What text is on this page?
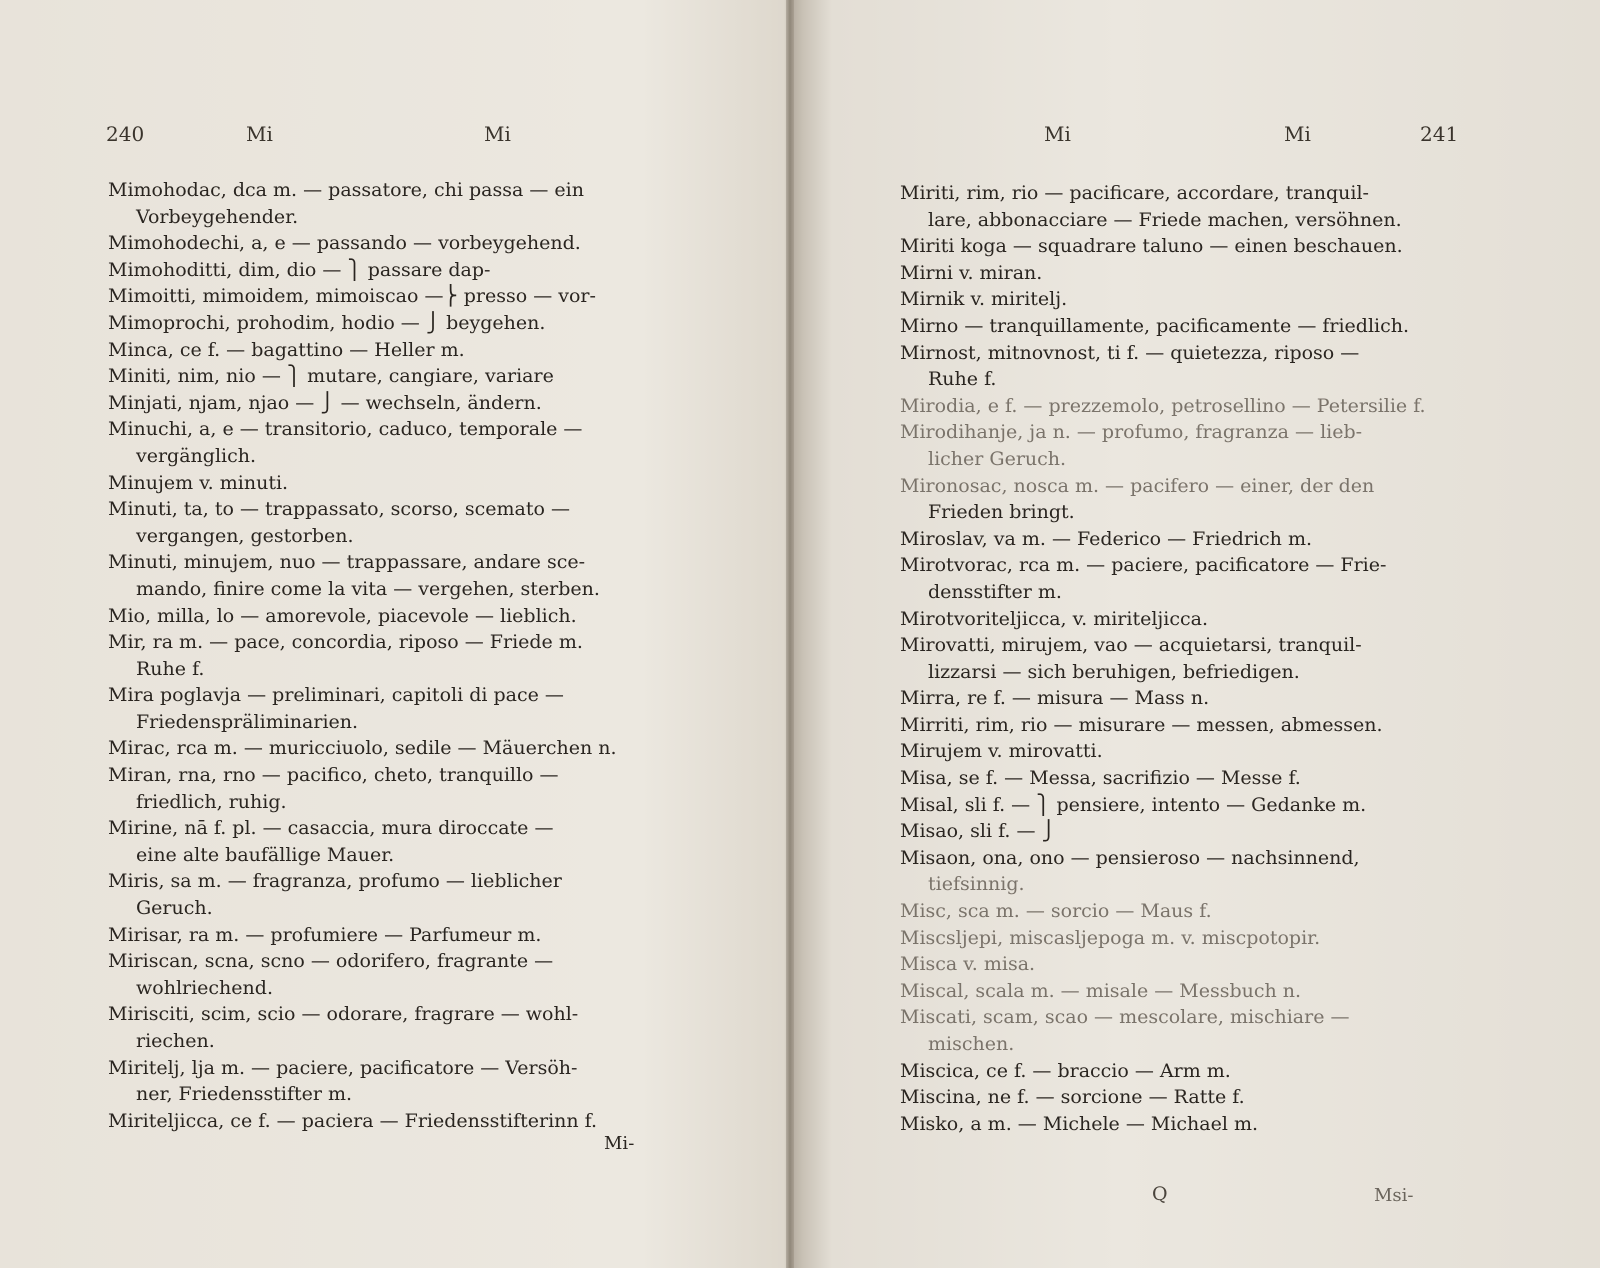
240	Mi	Mi
Mimohodac, dca m. — passatore, chi passa — ein
Vorbeygehender.
Mimohodechi, a, e — passando — vorbeygehend.
Mimohoditti, dim, dio — ⎫ passare dap-
Mimoitti, mimoidem, mimoiscao —⎬ presso — vor-
Mimoprochi, prohodim, hodio — ⎭ beygehen.
Minca, ce f. — bagattino — Heller m.
Miniti, nim, nio — ⎫ mutare, cangiare, variare
Minjati, njam, njao — ⎭ — wechseln, ändern.
Minuchi, a, e — transitorio, caduco, temporale —
vergänglich.
Minujem v. minuti.
Minuti, ta, to — trappassato, scorso, scemato —
vergangen, gestorben.
Minuti, minujem, nuo — trappassare, andare sce-
mando, finire come la vita — vergehen, sterben.
Mio, milla, lo — amorevole, piacevole — lieblich.
Mir, ra m. — pace, concordia, riposo — Friede m.
Ruhe f.
Mira poglavja — preliminari, capitoli di pace —
Friedenspräliminarien.
Mirac, rca m. — muricciuolo, sedile — Mäuerchen n.
Miran, rna, rno — pacifico, cheto, tranquillo —
friedlich, ruhig.
Mirine, nā f. pl. — casaccia, mura diroccate —
eine alte baufällige Mauer.
Miris, sa m. — fragranza, profumo — lieblicher
Geruch.
Mirisar, ra m. — profumiere — Parfumeur m.
Miriscan, scna, scno — odorifero, fragrante —
wohlriechend.
Mirisciti, scim, scio — odorare, fragrare — wohl-
riechen.
Miritelj, lja m. — paciere, pacificatore — Versöh-
ner, Friedensstifter m.
Miriteljicca, ce f. — paciera — Friedensstifterinn f.
Mi-
Mi	Mi	241
Miriti, rim, rio — pacificare, accordare, tranquil-
lare, abbonacciare — Friede machen, versöhnen.
Miriti koga — squadrare taluno — einen beschauen.
Mirni v. miran.
Mirnik v. miritelj.
Mirno — tranquillamente, pacificamente — friedlich.
Mirnost, mitnovnost, ti f. — quietezza, riposo —
Ruhe f.
Mirodia, e f. — prezzemolo, petrosellino — Petersilie f.
Mirodihanje, ja n. — profumo, fragranza — lieb-
licher Geruch.
Mironosac, nosca m. — pacifero — einer, der den
Frieden bringt.
Miroslav, va m. — Federico — Friedrich m.
Mirotvorac, rca m. — paciere, pacificatore — Frie-
densstifter m.
Mirotvoriteljicca, v. miriteljicca.
Mirovatti, mirujem, vao — acquietarsi, tranquil-
lizzarsi — sich beruhigen, befriedigen.
Mirra, re f. — misura — Mass n.
Mirriti, rim, rio — misurare — messen, abmessen.
Mirujem v. mirovatti.
Misa, se f. — Messa, sacrifizio — Messe f.
Misal, sli f. — ⎫ pensiere, intento — Gedanke m.
Misao, sli f. — ⎭
Misaon, ona, ono — pensieroso — nachsinnend,
tiefsinnig.
Misc, sca m. — sorcio — Maus f.
Miscsljepi, miscasljepoga m. v. miscpotopir.
Misca v. misa.
Miscal, scala m. — misale — Messbuch n.
Miscati, scam, scao — mescolare, mischiare —
mischen.
Miscica, ce f. — braccio — Arm m.
Miscina, ne f. — sorcione — Ratte f.
Misko, a m. — Michele — Michael m.
Q	Msi-
